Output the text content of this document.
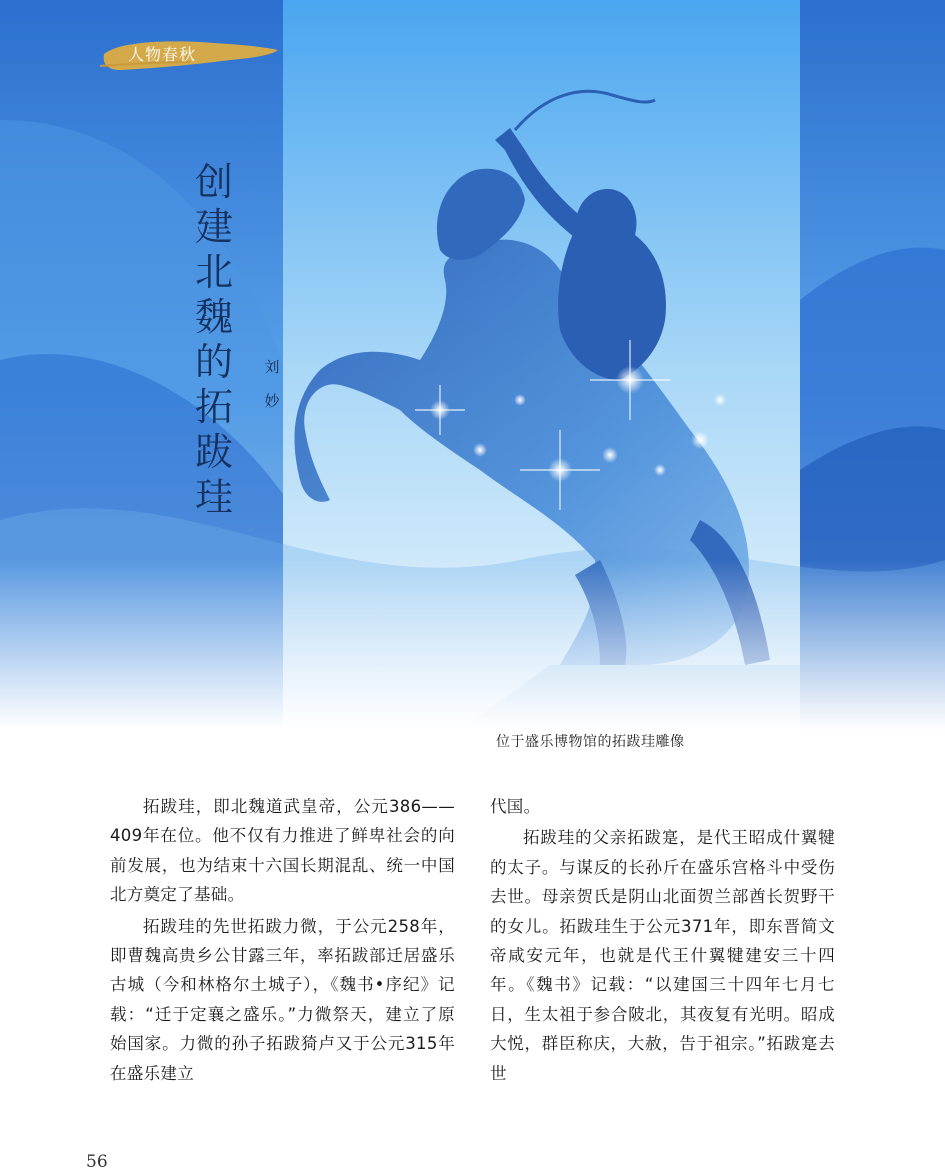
人物春秋
创
建
北
魏
的
拓
跋
珪
刘
妙
位于盛乐博物馆的拓跋珪雕像

拓跋珪，即北魏道武皇帝，公元386——409年在位。他不仅有力推进了鲜卑社会的向前发展，也为结束十六国长期混乱、统一中国北方奠定了基础。

拓跋珪的先世拓跋力微，于公元258年，即曹魏高贵乡公甘露三年，率拓跋部迁居盛乐古城（今和林格尔土城子），《魏书•序纪》记载：“迁于定襄之盛乐。”力微祭天，建立了原始国家。力微的孙子拓跋猗卢又于公元315年在盛乐建立

代国。

拓跋珪的父亲拓跋寔，是代王昭成什翼犍的太子。与谋反的长孙斤在盛乐宫格斗中受伤去世。母亲贺氏是阴山北面贺兰部酋长贺野干的女儿。拓跋珪生于公元371年，即东晋简文帝咸安元年，也就是代王什翼犍建安三十四年。《魏书》记载：“以建国三十四年七月七日，生太祖于参合陂北，其夜复有光明。昭成大悦，群臣称庆，大赦，告于祖宗。”拓跋寔去世

56
